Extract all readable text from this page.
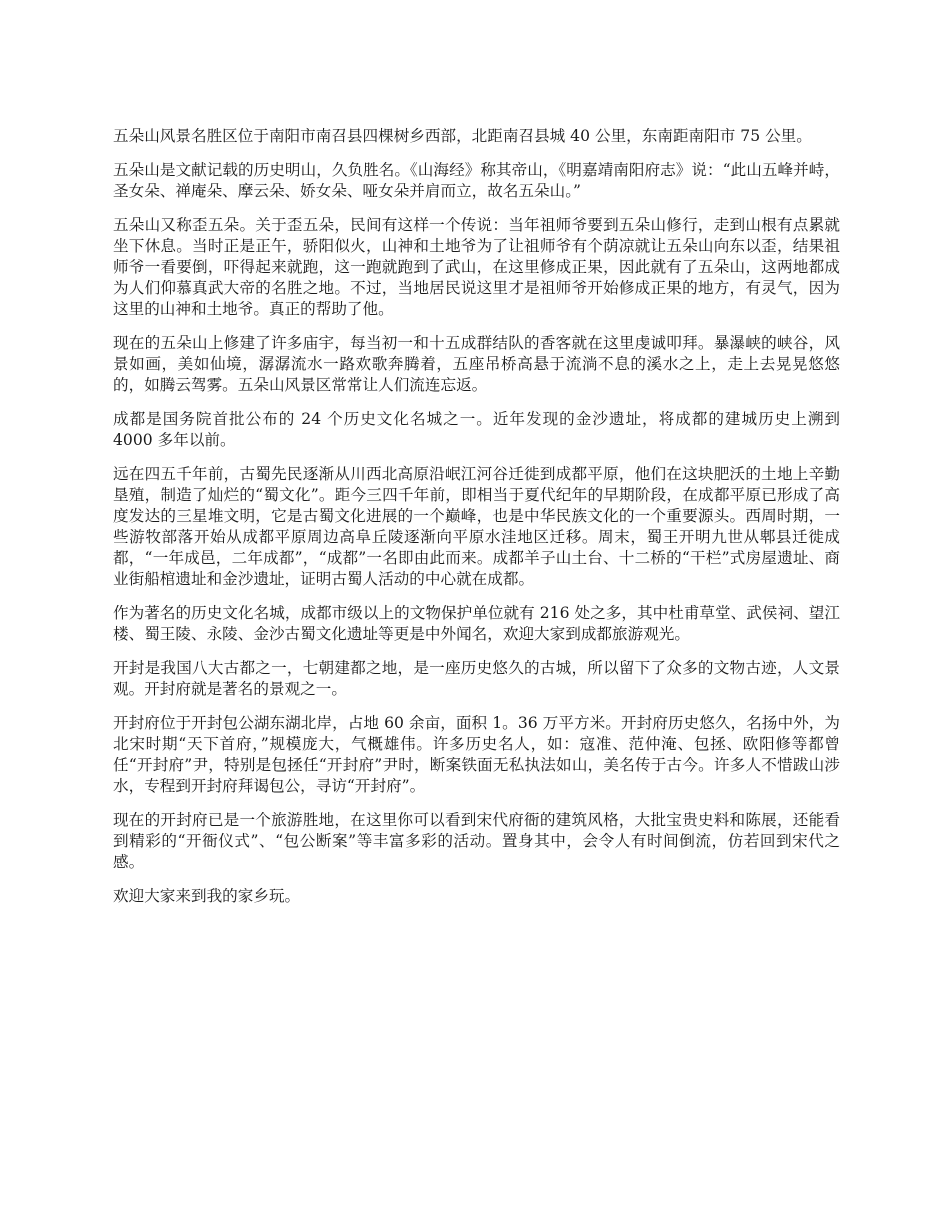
五朵山风景名胜区位于南阳市南召县四棵树乡西部，北距南召县城 40 公里，东南距南阳市 75 公里。

五朵山是文献记载的历史明山，久负胜名。《山海经》称其帝山，《明嘉靖南阳府志》说：“此山五峰并峙，圣女朵、禅庵朵、摩云朵、娇女朵、哑女朵并肩而立，故名五朵山。”

五朵山又称歪五朵。关于歪五朵，民间有这样一个传说：当年祖师爷要到五朵山修行，走到山根有点累就坐下休息。当时正是正午，骄阳似火，山神和土地爷为了让祖师爷有个荫凉就让五朵山向东以歪，结果祖师爷一看要倒，吓得起来就跑，这一跑就跑到了武山，在这里修成正果，因此就有了五朵山，这两地都成为人们仰慕真武大帝的名胜之地。不过，当地居民说这里才是祖师爷开始修成正果的地方，有灵气，因为这里的山神和土地爷。真正的帮助了他。

现在的五朵山上修建了许多庙宇，每当初一和十五成群结队的香客就在这里虔诚叩拜。暴瀑峡的峡谷，风景如画，美如仙境，潺潺流水一路欢歌奔腾着，五座吊桥高悬于流淌不息的溪水之上，走上去晃晃悠悠的，如腾云驾雾。五朵山风景区常常让人们流连忘返。

成都是国务院首批公布的 24 个历史文化名城之一。近年发现的金沙遗址，将成都的建城历史上溯到 4000 多年以前。

远在四五千年前，古蜀先民逐渐从川西北高原沿岷江河谷迁徙到成都平原，他们在这块肥沃的土地上辛勤垦殖，制造了灿烂的“蜀文化”。距今三四千年前，即相当于夏代纪年的早期阶段，在成都平原已形成了高度发达的三星堆文明，它是古蜀文化进展的一个巅峰，也是中华民族文化的一个重要源头。西周时期，一些游牧部落开始从成都平原周边高阜丘陵逐渐向平原水洼地区迁移。周末，蜀王开明九世从郫县迁徙成都，“一年成邑，二年成都”，“成都”一名即由此而来。成都羊子山土台、十二桥的“干栏”式房屋遗址、商业街船棺遗址和金沙遗址，证明古蜀人活动的中心就在成都。

作为著名的历史文化名城，成都市级以上的文物保护单位就有 216 处之多，其中杜甫草堂、武侯祠、望江楼、蜀王陵、永陵、金沙古蜀文化遗址等更是中外闻名，欢迎大家到成都旅游观光。

开封是我国八大古都之一，七朝建都之地，是一座历史悠久的古城，所以留下了众多的文物古迹，人文景观。开封府就是著名的景观之一。

开封府位于开封包公湖东湖北岸，占地 60 余亩，面积 1。36 万平方米。开封府历史悠久，名扬中外，为北宋时期“天下首府，”规模庞大，气概雄伟。许多历史名人，如：寇准、范仲淹、包拯、欧阳修等都曾任“开封府”尹，特别是包拯任“开封府”尹时，断案铁面无私执法如山，美名传于古今。许多人不惜跋山涉水，专程到开封府拜谒包公，寻访“开封府”。

现在的开封府已是一个旅游胜地，在这里你可以看到宋代府衙的建筑风格，大批宝贵史料和陈展，还能看到精彩的“开衙仪式”、“包公断案”等丰富多彩的活动。置身其中，会令人有时间倒流，仿若回到宋代之感。

欢迎大家来到我的家乡玩。
